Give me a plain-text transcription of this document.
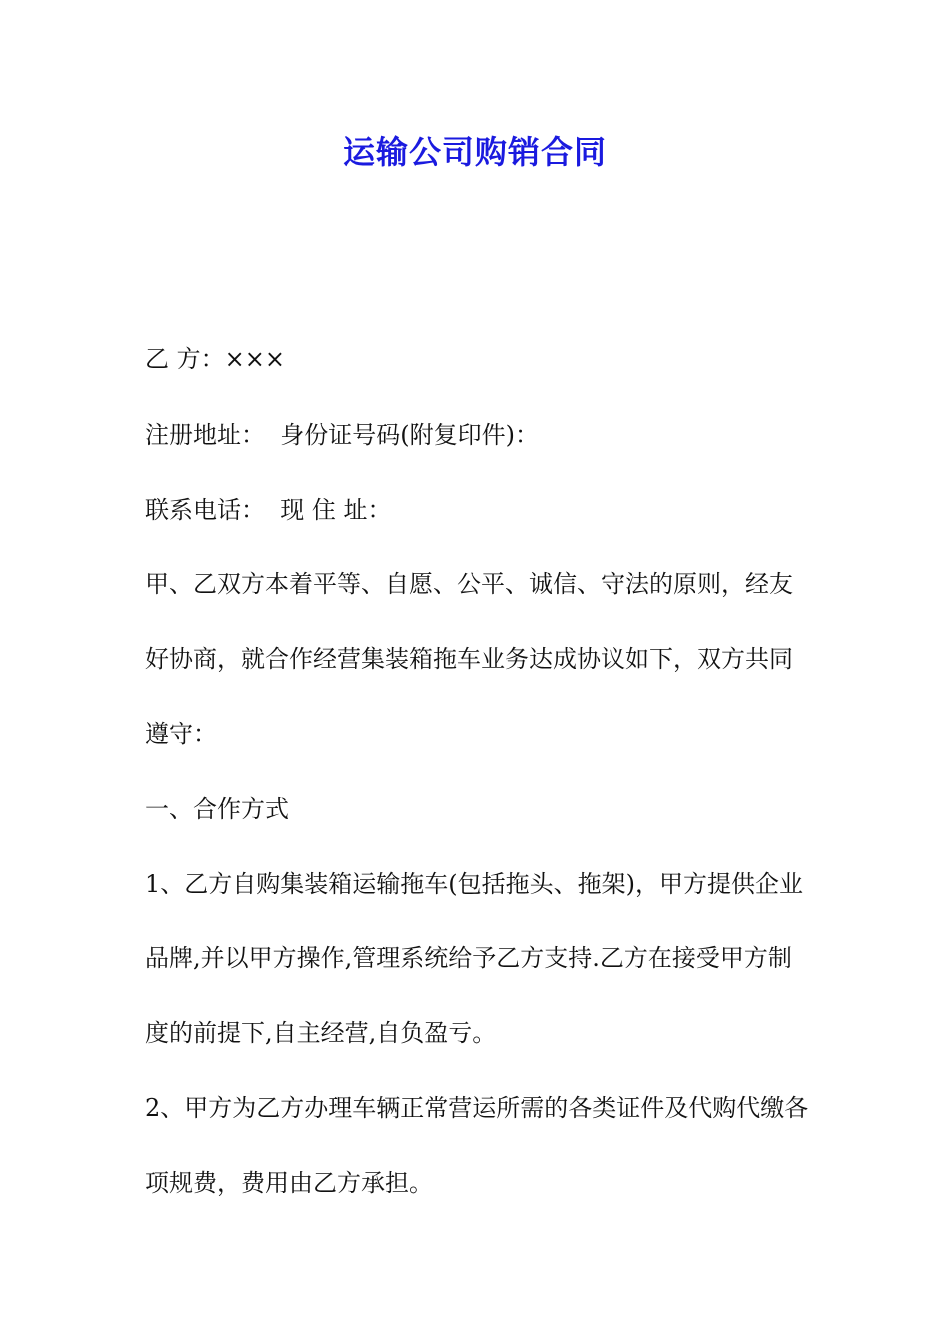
运输公司购销合同
乙 方：×××
注册地址：  身份证号码(附复印件)：
联系电话：  现 住 址：
甲、乙双方本着平等、自愿、公平、诚信、守法的原则，经友
好协商，就合作经营集装箱拖车业务达成协议如下，双方共同
遵守：
一、合作方式
1、乙方自购集装箱运输拖车(包括拖头、拖架)，甲方提供企业
品牌,并以甲方操作,管理系统给予乙方支持.乙方在接受甲方制
度的前提下,自主经营,自负盈亏。
2、甲方为乙方办理车辆正常营运所需的各类证件及代购代缴各
项规费，费用由乙方承担。
